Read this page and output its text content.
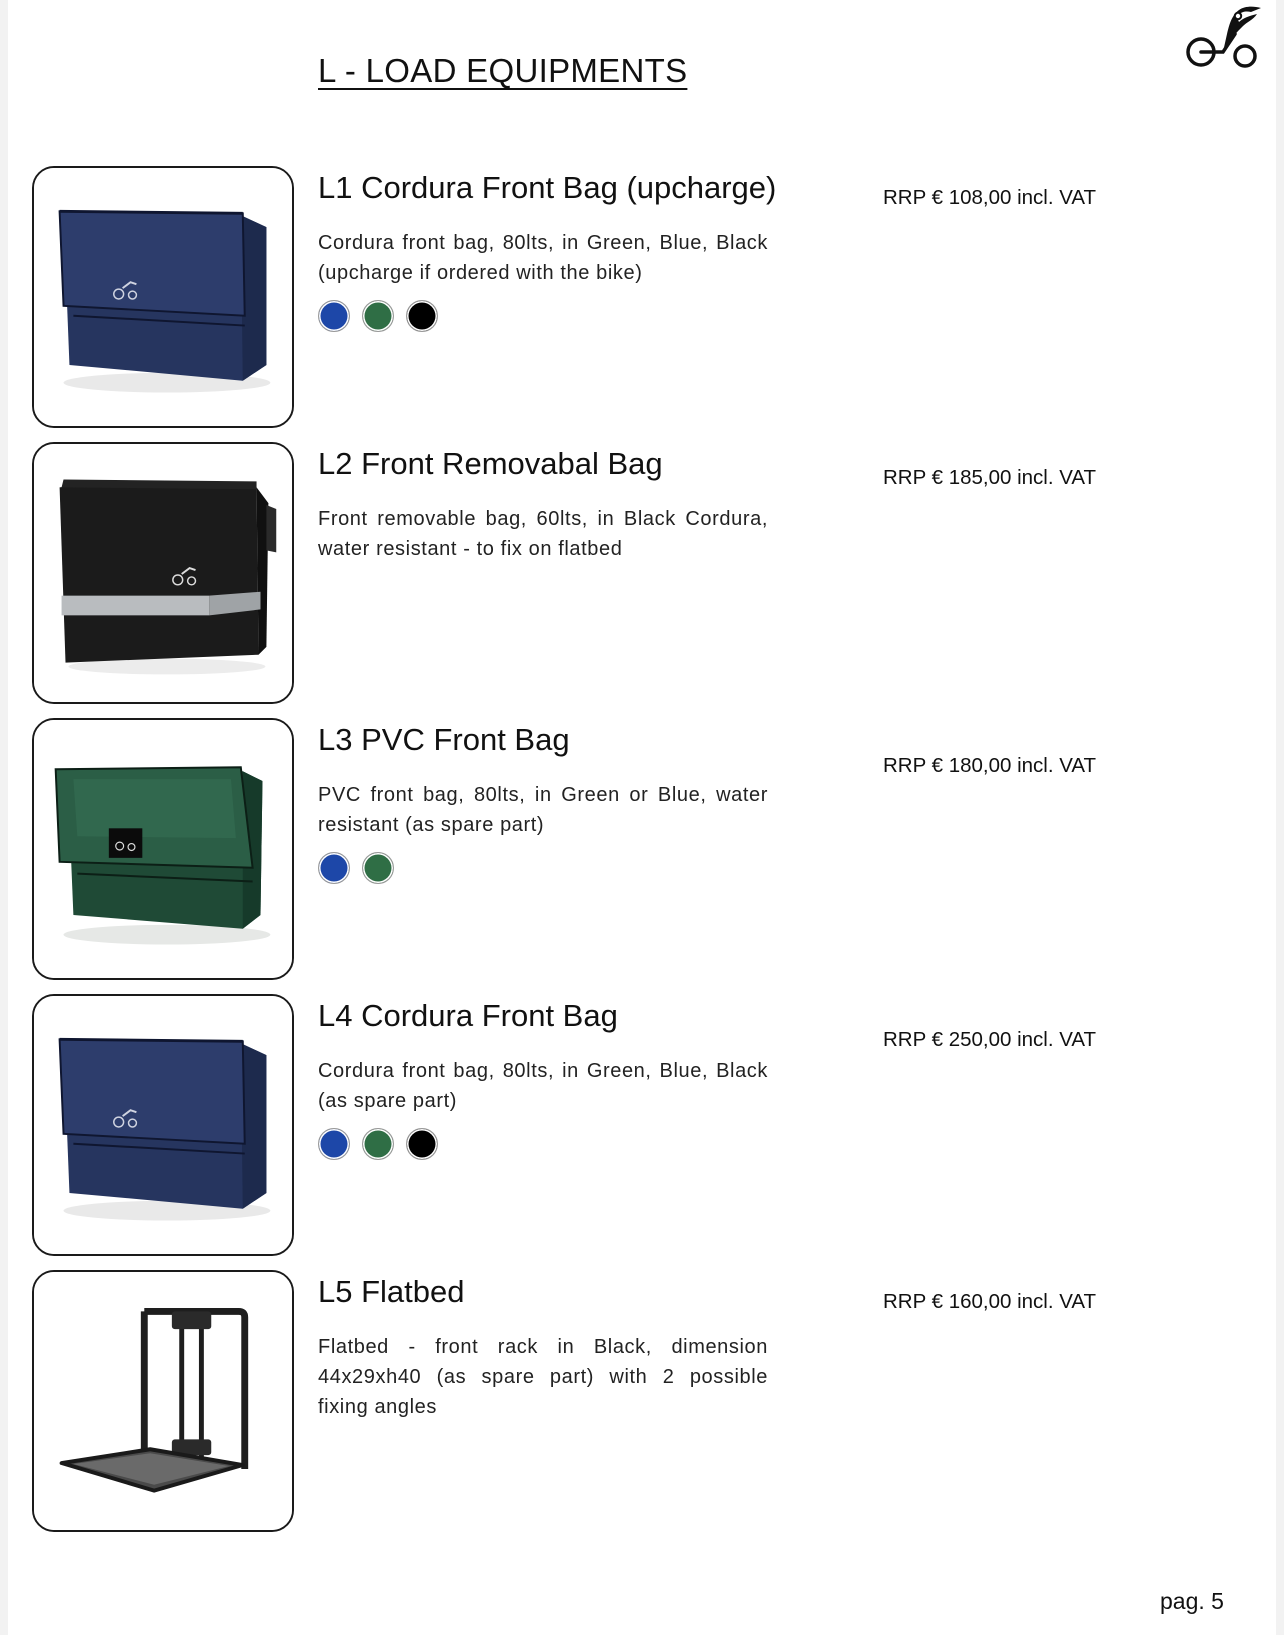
L - LOAD EQUIPMENTS
L1 Cordura Front Bag (upcharge)

Cordura front bag, 80lts, in Green, Blue, Black (upcharge if ordered with the bike)

RRP € 108,00 incl. VAT
L2 Front Removabal Bag

Front removable bag, 60lts, in Black Cordura, water resistant - to fix on flatbed

RRP € 185,00 incl. VAT
L3 PVC Front Bag

PVC front bag, 80lts, in Green or Blue, water resistant (as spare part)

RRP € 180,00 incl. VAT
L4 Cordura Front Bag

Cordura front bag, 80lts, in Green, Blue, Black (as spare part)

RRP € 250,00 incl. VAT
L5 Flatbed

Flatbed - front rack in Black, dimension 44x29xh40 (as spare part) with 2 possible fixing angles

RRP € 160,00 incl. VAT
pag. 5
